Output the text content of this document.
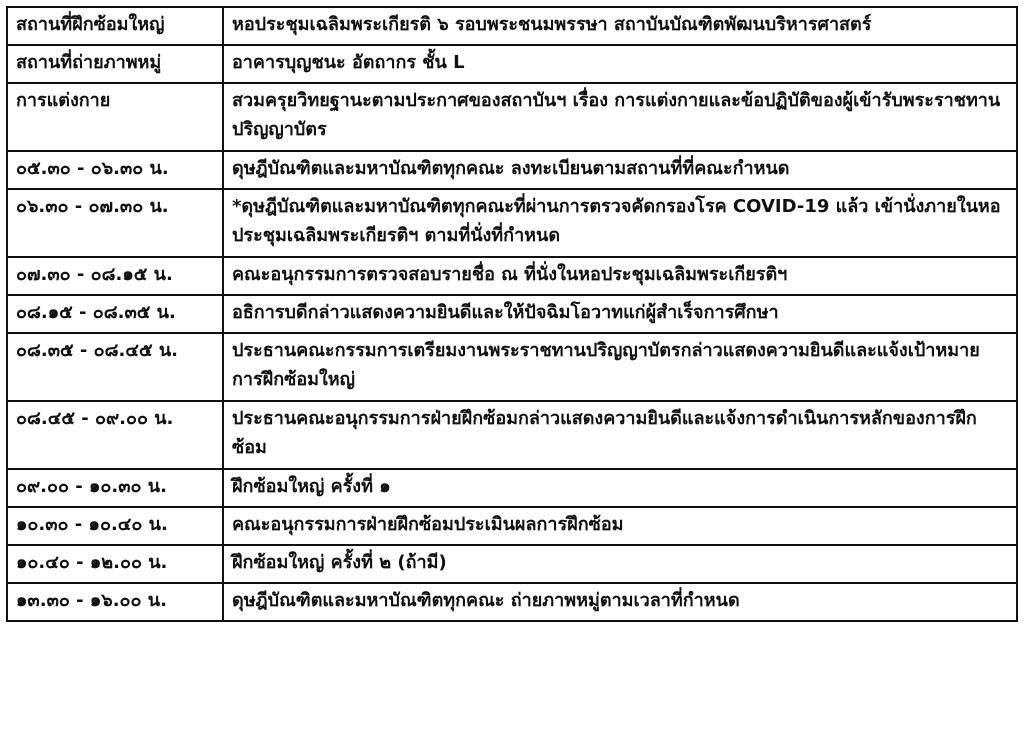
สถานที่ฝึกซ้อมใหญ่	หอประชุมเฉลิมพระเกียรติ ๖ รอบพระชนมพรรษา สถาบันบัณฑิตพัฒนบริหารศาสตร์
สถานที่ถ่ายภาพหมู่	อาคารบุญชนะ อัตถากร ชั้น L
การแต่งกาย	สวมครุยวิทยฐานะตามประกาศของสถาบันฯ เรื่อง การแต่งกายและข้อปฏิบัติของผู้เข้ารับพระราชทานปริญญาบัตร
๐๕.๓๐ - ๐๖.๓๐ น.	ดุษฎีบัณฑิตและมหาบัณฑิตทุกคณะ ลงทะเบียนตามสถานที่ที่คณะกำหนด
๐๖.๓๐ - ๐๗.๓๐ น.	*ดุษฎีบัณฑิตและมหาบัณฑิตทุกคณะที่ผ่านการตรวจคัดกรองโรค COVID-19 แล้ว เข้านั่งภายในหอประชุมเฉลิมพระเกียรติฯ ตามที่นั่งที่กำหนด
๐๗.๓๐ - ๐๘.๑๕ น.	คณะอนุกรรมการตรวจสอบรายชื่อ ณ ที่นั่งในหอประชุมเฉลิมพระเกียรติฯ
๐๘.๑๕ - ๐๘.๓๕ น.	อธิการบดีกล่าวแสดงความยินดีและให้ปัจฉิมโอวาทแก่ผู้สำเร็จการศึกษา
๐๘.๓๕ - ๐๘.๔๕ น.	ประธานคณะกรรมการเตรียมงานพระราชทานปริญญาบัตรกล่าวแสดงความยินดีและแจ้งเป้าหมายการฝึกซ้อมใหญ่
๐๘.๔๕ - ๐๙.๐๐ น.	ประธานคณะอนุกรรมการฝ่ายฝึกซ้อมกล่าวแสดงความยินดีและแจ้งการดำเนินการหลักของการฝึกซ้อม
๐๙.๐๐ - ๑๐.๓๐ น.	ฝึกซ้อมใหญ่ ครั้งที่ ๑
๑๐.๓๐ - ๑๐.๔๐ น.	คณะอนุกรรมการฝ่ายฝึกซ้อมประเมินผลการฝึกซ้อม
๑๐.๔๐ - ๑๒.๐๐ น.	ฝึกซ้อมใหญ่ ครั้งที่ ๒ (ถ้ามี)
๑๓.๓๐ - ๑๖.๐๐ น.	ดุษฎีบัณฑิตและมหาบัณฑิตทุกคณะ ถ่ายภาพหมู่ตามเวลาที่กำหนด
